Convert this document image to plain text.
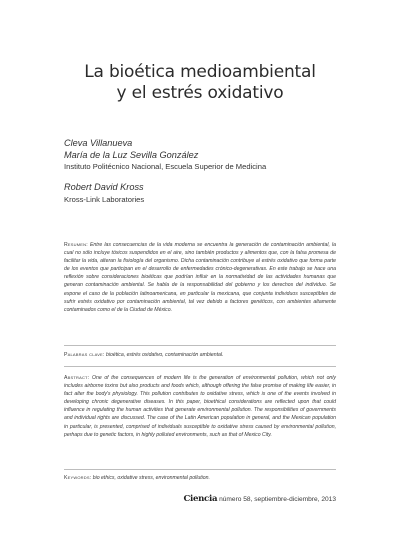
La bioética medioambiental
y el estrés oxidativo
Cleva Villanueva
María de la Luz Sevilla González
Instituto Politécnico Nacional, Escuela Superior de Medicina
Robert David Kross
Kross-Link Laboratories
Resumen: Entre las consecuencias de la vida moderna se encuentra la generación de contaminación ambiental, la cual no sólo incluye tóxicos suspendidos en el aire, sino también productos y alimentos que, con la falsa promesa de facilitar la vida, alteran la fisiología del organismo. Dicha contaminación contribuye al estrés oxidativo que forma parte de los eventos que participan en el desarrollo de enfermedades crónico-degenerativas. En este trabajo se hace una reflexión sobre consideraciones bioéticas que podrían influir en la normatividad de las actividades humanas que generan contaminación ambiental. Se habla de la responsabilidad del gobierno y los derechos del individuo. Se expone el caso de la población latinoamericana, en particular la mexicana, que conjunta individuos susceptibles de sufrir estrés oxidativo por contaminación ambiental, tal vez debido a factores genéticos, con ambientes altamente contaminados como el de la Ciudad de México.
Palabras clave: bioética, estrés oxidativo, contaminación ambiental.
Abstract: One of the consequences of modern life is the generation of environmental pollution, which not only includes airborne toxins but also products and foods which, although offering the false promise of making life easier, in fact alter the body's physiology. This pollution contributes to oxidative stress, which is one of the events involved in developing chronic degenerative diseases. In this paper, bioethical considerations are reflected upon that could influence in regulating the human activities that generate environmental pollution. The responsibilities of governments and individual rights are discussed. The case of the Latin American population in general, and the Mexican population in particular, is presented, comprised of individuals susceptible to oxidative stress caused by environmental pollution, perhaps due to genetic factors, in highly polluted environments, such as that of Mexico City.
Keywords: bio ethics, oxidative stress, environmental pollution.
Ciencia número 58, septiembre-diciembre, 2013
